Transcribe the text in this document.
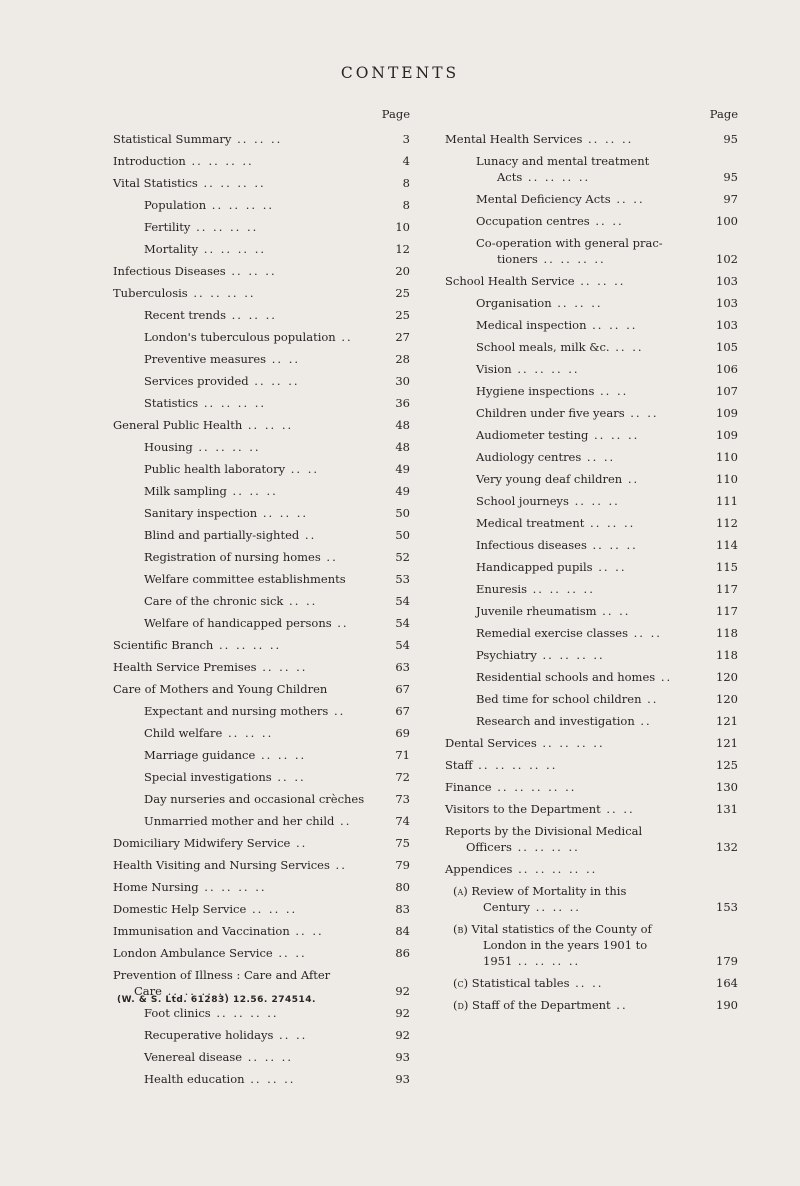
CONTENTS
Page
Statistical Summary .. .. ..	3
Introduction .. .. .. ..	4
Vital Statistics .. .. .. ..	8
Population .. .. .. ..	8
Fertility .. .. .. ..	10
Mortality .. .. .. ..	12
Infectious Diseases .. .. ..	20
Tuberculosis .. .. .. ..	25
Recent trends .. .. ..	25
London's tuberculous population ..	27
Preventive measures .. ..	28
Services provided .. .. ..	30
Statistics .. .. .. ..	36
General Public Health .. .. ..	48
Housing .. .. .. ..	48
Public health laboratory .. ..	49
Milk sampling .. .. ..	49
Sanitary inspection .. .. ..	50
Blind and partially-sighted ..	50
Registration of nursing homes ..	52
Welfare committee establishments	53
Care of the chronic sick .. ..	54
Welfare of handicapped persons ..	54
Scientific Branch .. .. .. ..	54
Health Service Premises .. .. ..	63
Care of Mothers and Young Children	67
Expectant and nursing mothers ..	67
Child welfare .. .. ..	69
Marriage guidance .. .. ..	71
Special investigations .. ..	72
Day nurseries and occasional crèches	73
Unmarried mother and her child ..	74
Domiciliary Midwifery Service ..	75
Health Visiting and Nursing Services ..	79
Home Nursing .. .. .. ..	80
Domestic Help Service .. .. ..	83
Immunisation and Vaccination .. ..	84
London Ambulance Service .. ..	86
Prevention of Illness : Care and After
Care .. .. .. ..	92
Foot clinics .. .. .. ..	92
Recuperative holidays .. ..	92
Venereal disease .. .. ..	93
Health education .. .. ..	93
Page
Mental Health Services .. .. ..	95
Lunacy and mental treatment
Acts .. .. .. ..	95
Mental Deficiency Acts .. ..	97
Occupation centres .. ..	100
Co-operation with general prac-
tioners .. .. .. ..	102
School Health Service .. .. ..	103
Organisation .. .. ..	103
Medical inspection .. .. ..	103
School meals, milk &c. .. ..	105
Vision .. .. .. ..	106
Hygiene inspections .. ..	107
Children under five years .. ..	109
Audiometer testing .. .. ..	109
Audiology centres .. ..	110
Very young deaf children ..	110
School journeys .. .. ..	111
Medical treatment .. .. ..	112
Infectious diseases .. .. ..	114
Handicapped pupils .. ..	115
Enuresis .. .. .. ..	117
Juvenile rheumatism .. ..	117
Remedial exercise classes .. ..	118
Psychiatry .. .. .. ..	118
Residential schools and homes ..	120
Bed time for school children ..	120
Research and investigation ..	121
Dental Services .. .. .. ..	121
Staff .. .. .. .. ..	125
Finance .. .. .. .. ..	130
Visitors to the Department .. ..	131
Reports by the Divisional Medical
Officers .. .. .. ..	132
Appendices .. .. .. .. ..
(a) Review of Mortality in this
Century .. .. ..	153
(b) Vital statistics of the County of
London in the years 1901 to
1951 .. .. .. ..	179
(c) Statistical tables .. ..	164
(d) Staff of the Department ..	190
(W. & S. Ltd. 61283) 12.56. 274514.
